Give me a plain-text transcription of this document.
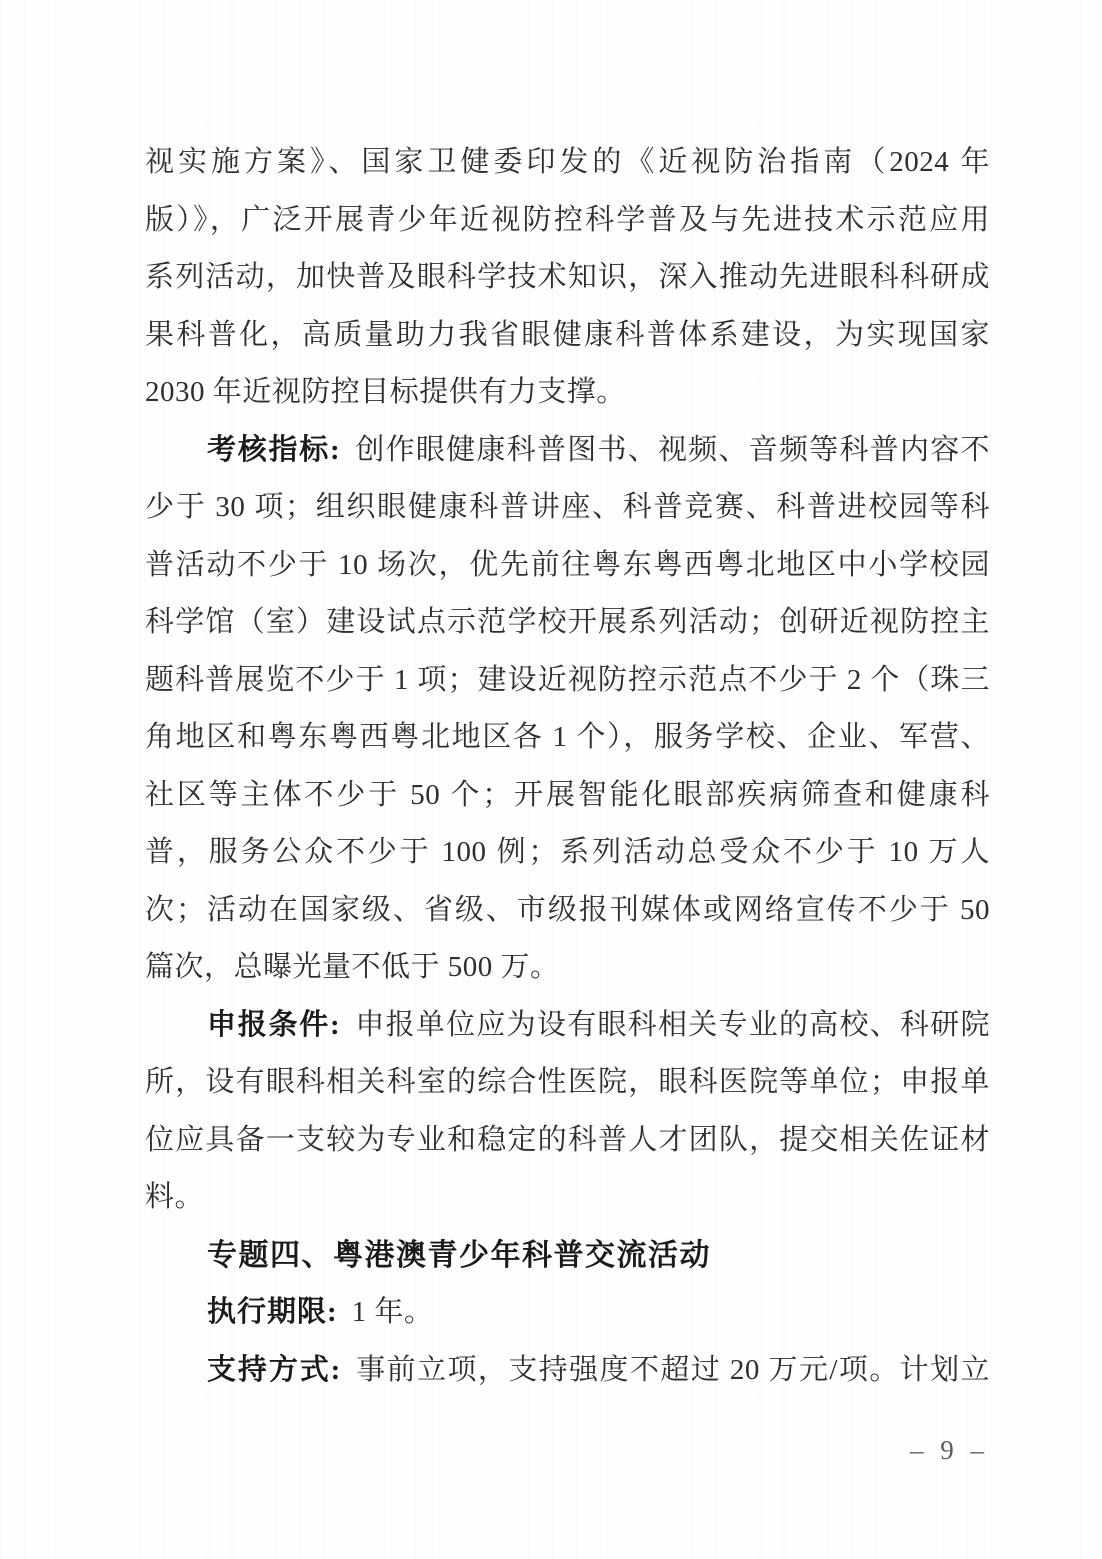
视实施方案》、国家卫健委印发的《近视防治指南（2024 年
版）》，广泛开展青少年近视防控科学普及与先进技术示范应用
系列活动，加快普及眼科学技术知识，深入推动先进眼科科研成
果科普化，高质量助力我省眼健康科普体系建设，为实现国家
2030 年近视防控目标提供有力支撑。
考核指标: 创作眼健康科普图书、视频、音频等科普内容不
少于 30 项；组织眼健康科普讲座、科普竞赛、科普进校园等科
普活动不少于 10 场次，优先前往粤东粤西粤北地区中小学校园
科学馆（室）建设试点示范学校开展系列活动；创研近视防控主
题科普展览不少于 1 项；建设近视防控示范点不少于 2 个（珠三
角地区和粤东粤西粤北地区各 1 个），服务学校、企业、军营、
社区等主体不少于 50 个；开展智能化眼部疾病筛查和健康科
普，服务公众不少于 100 例；系列活动总受众不少于 10 万人
次；活动在国家级、省级、市级报刊媒体或网络宣传不少于 50
篇次，总曝光量不低于 500 万。
申报条件: 申报单位应为设有眼科相关专业的高校、科研院
所，设有眼科相关科室的综合性医院，眼科医院等单位；申报单
位应具备一支较为专业和稳定的科普人才团队，提交相关佐证材
料。
专题四、粤港澳青少年科普交流活动
执行期限: 1 年。
支持方式: 事前立项，支持强度不超过 20 万元/项。计划立
– 9 –
